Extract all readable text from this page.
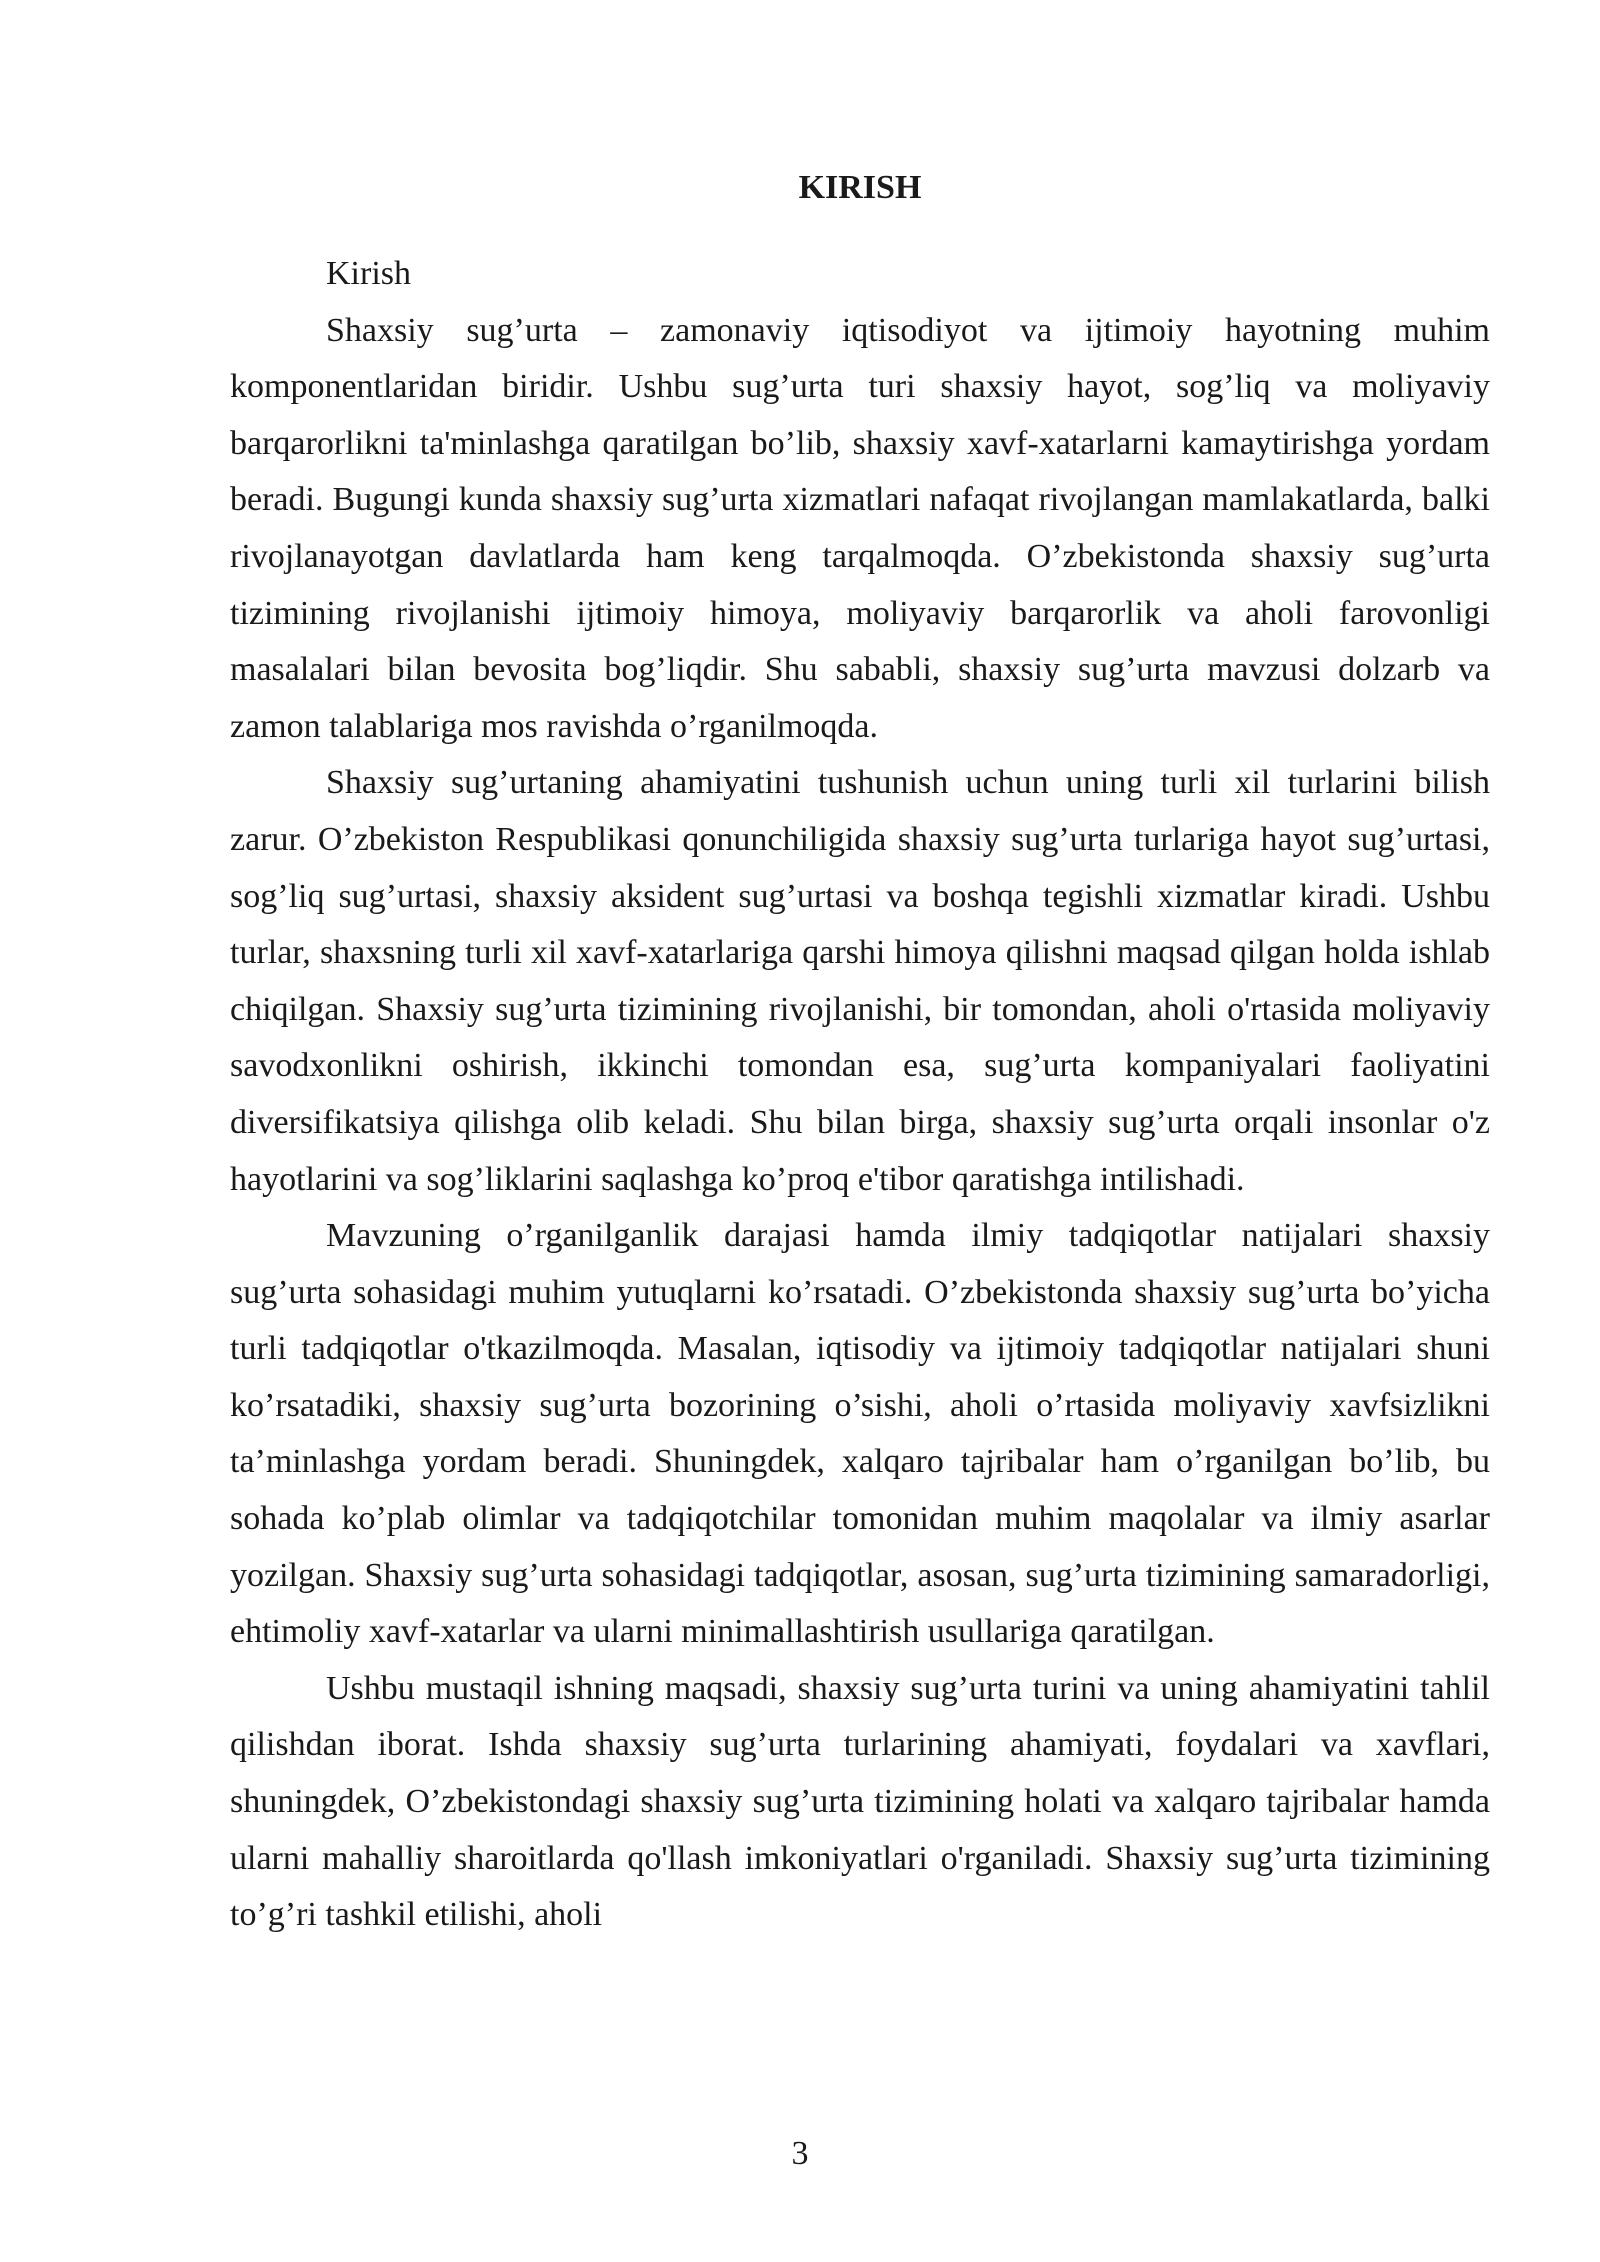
KIRISH

Kirish

Shaxsiy sug’urta – zamonaviy iqtisodiyot va ijtimoiy hayotning muhim komponentlaridan biridir. Ushbu sug’urta turi shaxsiy hayot, sog’liq va moliyaviy barqarorlikni ta'minlashga qaratilgan bo’lib, shaxsiy xavf-xatarlarni kamaytirishga yordam beradi. Bugungi kunda shaxsiy sug’urta xizmatlari nafaqat rivojlangan mamlakatlarda, balki rivojlanayotgan davlatlarda ham keng tarqalmoqda. O’zbekistonda shaxsiy sug’urta tizimining rivojlanishi ijtimoiy himoya, moliyaviy barqarorlik va aholi farovonligi masalalari bilan bevosita bog’liqdir. Shu sababli, shaxsiy sug’urta mavzusi dolzarb va zamon talablariga mos ravishda o’rganilmoqda.

Shaxsiy sug’urtaning ahamiyatini tushunish uchun uning turli xil turlarini bilish zarur. O’zbekiston Respublikasi qonunchiligida shaxsiy sug’urta turlariga hayot sug’urtasi, sog’liq sug’urtasi, shaxsiy aksident sug’urtasi va boshqa tegishli xizmatlar kiradi. Ushbu turlar, shaxsning turli xil xavf-xatarlariga qarshi himoya qilishni maqsad qilgan holda ishlab chiqilgan. Shaxsiy sug’urta tizimining rivojlanishi, bir tomondan, aholi o'rtasida moliyaviy savodxonlikni oshirish, ikkinchi tomondan esa, sug’urta kompaniyalari faoliyatini diversifikatsiya qilishga olib keladi. Shu bilan birga, shaxsiy sug’urta orqali insonlar o'z hayotlarini va sog’liklarini saqlashga ko’proq e'tibor qaratishga intilishadi.

Mavzuning o’rganilganlik darajasi hamda ilmiy tadqiqotlar natijalari shaxsiy sug’urta sohasidagi muhim yutuqlarni ko’rsatadi. O’zbekistonda shaxsiy sug’urta bo’yicha turli tadqiqotlar o'tkazilmoqda. Masalan, iqtisodiy va ijtimoiy tadqiqotlar natijalari shuni ko’rsatadiki, shaxsiy sug’urta bozorining o’sishi, aholi o’rtasida moliyaviy xavfsizlikni ta’minlashga yordam beradi. Shuningdek, xalqaro tajribalar ham o’rganilgan bo’lib, bu sohada ko’plab olimlar va tadqiqotchilar tomonidan muhim maqolalar va ilmiy asarlar yozilgan. Shaxsiy sug’urta sohasidagi tadqiqotlar, asosan, sug’urta tizimining samaradorligi, ehtimoliy xavf-xatarlar va ularni minimallashtirish usullariga qaratilgan.

Ushbu mustaqil ishning maqsadi, shaxsiy sug’urta turini va uning ahamiyatini tahlil qilishdan iborat. Ishda shaxsiy sug’urta turlarining ahamiyati, foydalari va xavflari, shuningdek, O’zbekistondagi shaxsiy sug’urta tizimining holati va xalqaro tajribalar hamda ularni mahalliy sharoitlarda qo'llash imkoniyatlari o'rganiladi. Shaxsiy sug’urta tizimining to’g’ri tashkil etilishi, aholi

3
